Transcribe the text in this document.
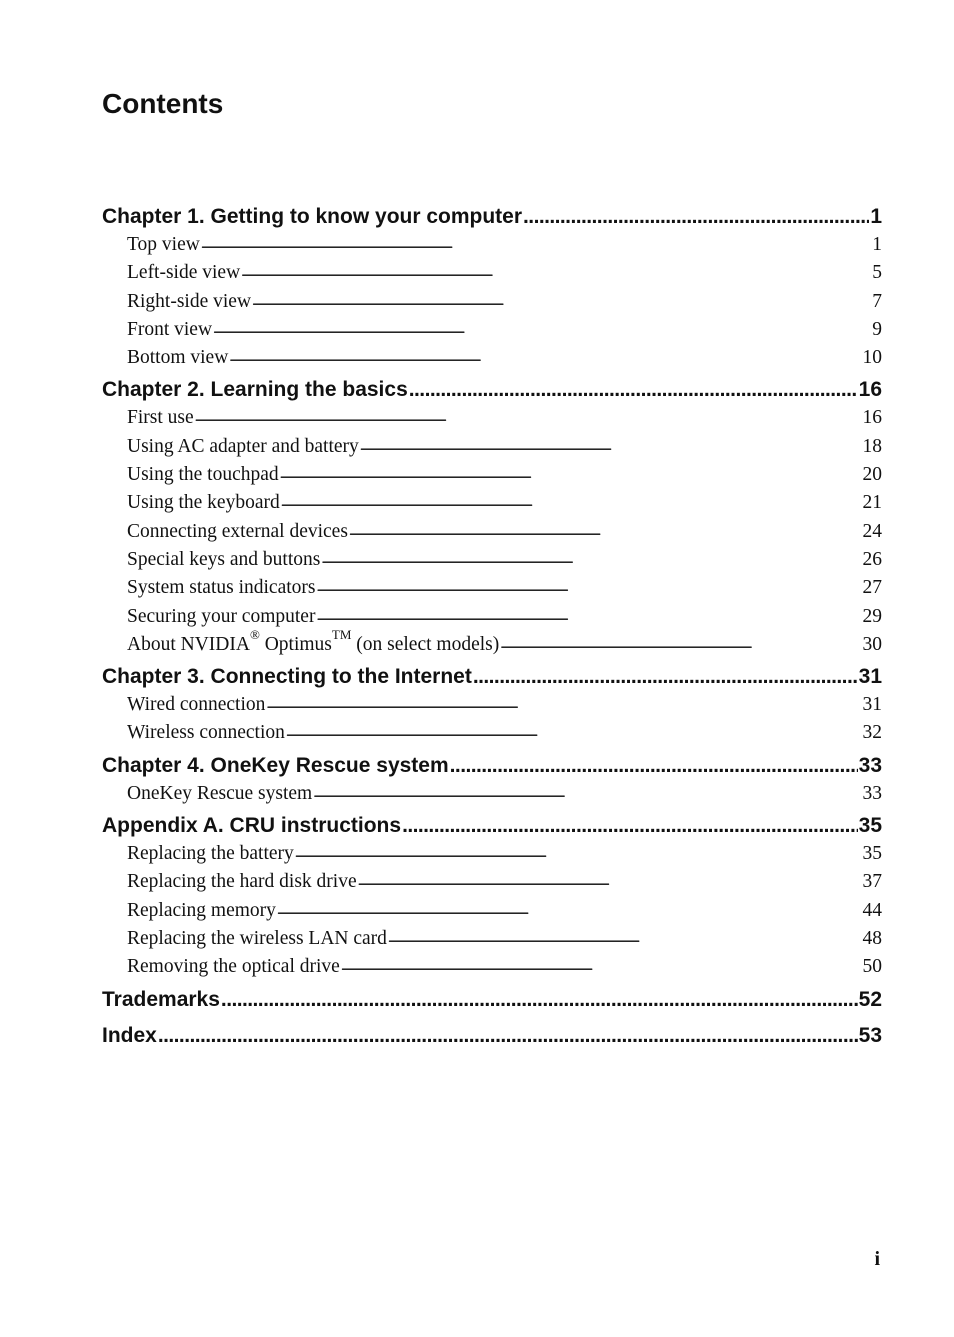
Contents
Chapter 1. Getting to know your computer . . .	1
Top view . . .	1
Left-side view . . .	5
Right-side view . . .	7
Front view . . .	9
Bottom view . . .	10
Chapter 2. Learning the basics . . .	16
First use . . .	16
Using AC adapter and battery . . .	18
Using the touchpad . . .	20
Using the keyboard . . .	21
Connecting external devices . . .	24
Special keys and buttons . . .	26
System status indicators . . .	27
Securing your computer . . .	29
About NVIDIA® Optimus™ (on select models) . . .	30
Chapter 3. Connecting to the Internet . . .	31
Wired connection . . .	31
Wireless connection . . .	32
Chapter 4. OneKey Rescue system . . .	33
OneKey Rescue system . . .	33
Appendix A. CRU instructions . . .	35
Replacing the battery . . .	35
Replacing the hard disk drive . . .	37
Replacing memory . . .	44
Replacing the wireless LAN card . . .	48
Removing the optical drive . . .	50
Trademarks . . .	52
Index . . .	53
i
